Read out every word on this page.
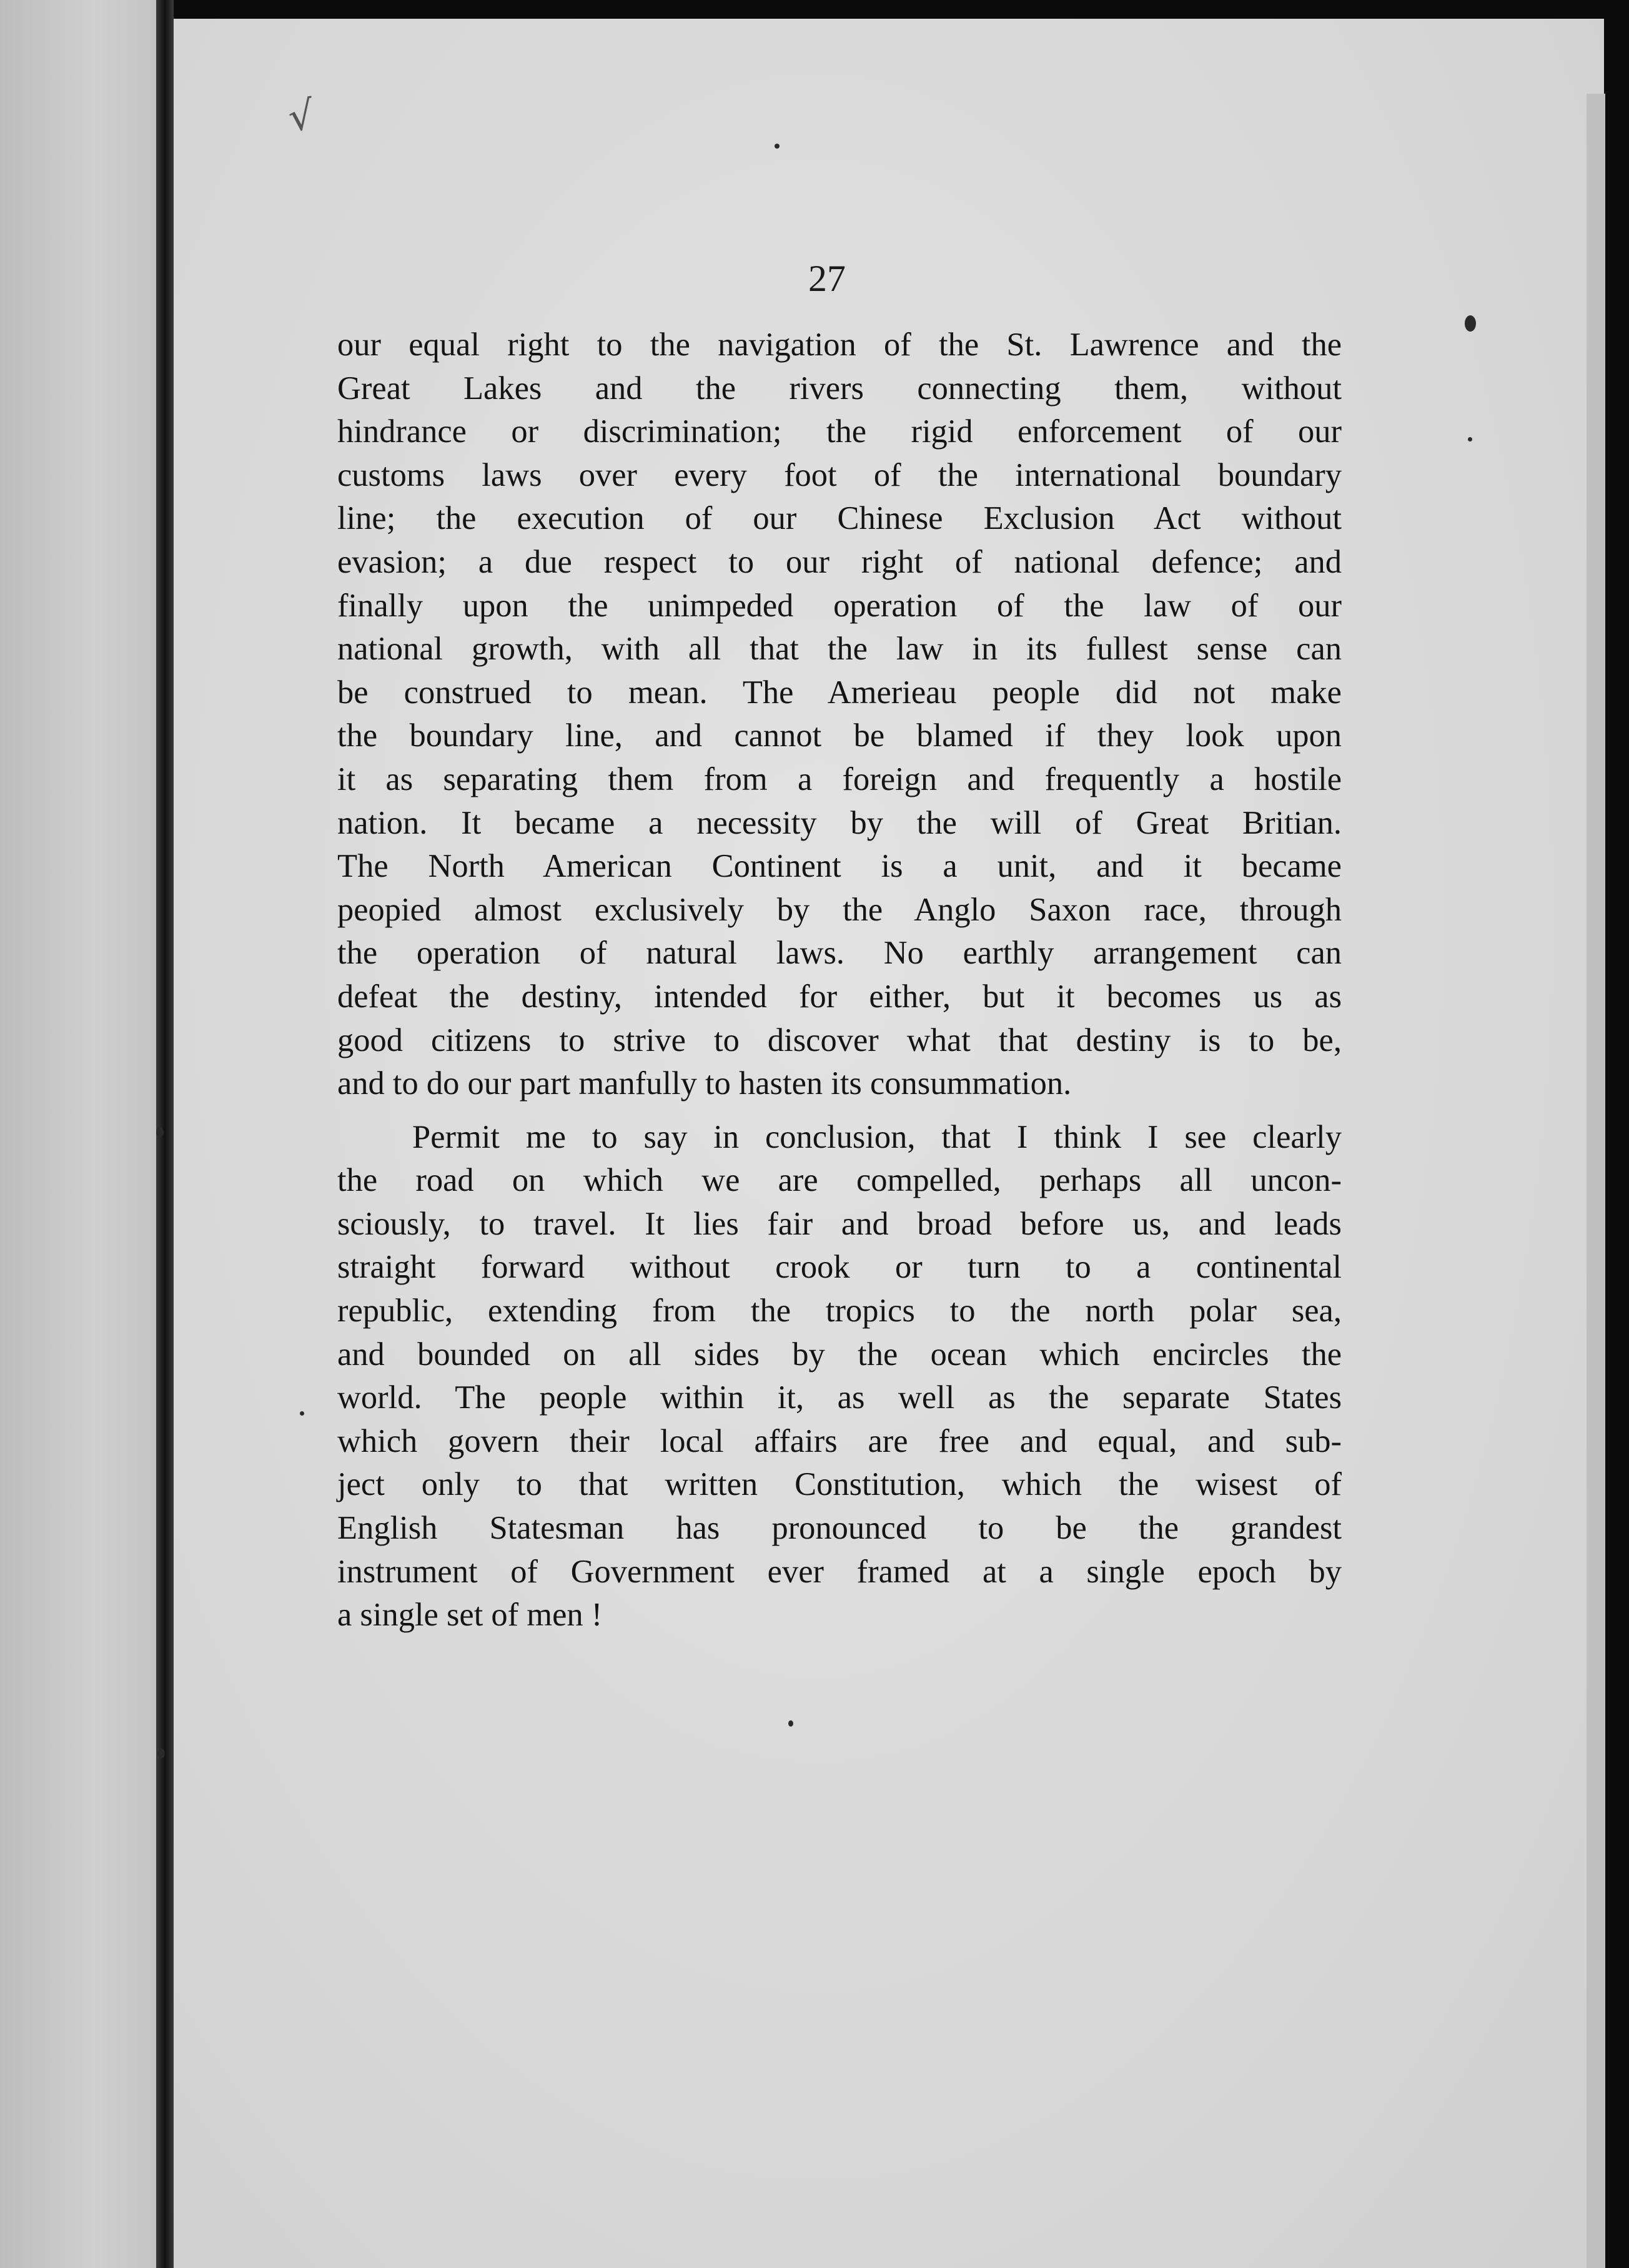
√
27
our equal right to the navigation of the St. Lawrence and the
Great Lakes and the rivers connecting them, without
hindrance or discrimination; the rigid enforcement of our
customs laws over every foot of the international boundary
line; the execution of our Chinese Exclusion Act without
evasion; a due respect to our right of national defence; and
finally upon the unimpeded operation of the law of our
national growth, with all that the law in its fullest sense can
be construed to mean. The Amerieau people did not make
the boundary line, and cannot be blamed if they look upon
it as separating them from a foreign and frequently a hostile
nation. It became a necessity by the will of Great Britian.
The North American Continent is a unit, and it became
peopied almost exclusively by the Anglo Saxon race, through
the operation of natural laws. No earthly arrangement can
defeat the destiny, intended for either, but it becomes us as
good citizens to strive to discover what that destiny is to be,
and to do our part manfully to hasten its consummation.
Permit me to say in conclusion, that I think I see clearly
the road on which we are compelled, perhaps all uncon-
sciously, to travel. It lies fair and broad before us, and leads
straight forward without crook or turn to a continental
republic, extending from the tropics to the north polar sea,
and bounded on all sides by the ocean which encircles the
world. The people within it, as well as the separate States
which govern their local affairs are free and equal, and sub-
ject only to that written Constitution, which the wisest of
English Statesman has pronounced to be the grandest
instrument of Government ever framed at a single epoch by
a single set of men !
